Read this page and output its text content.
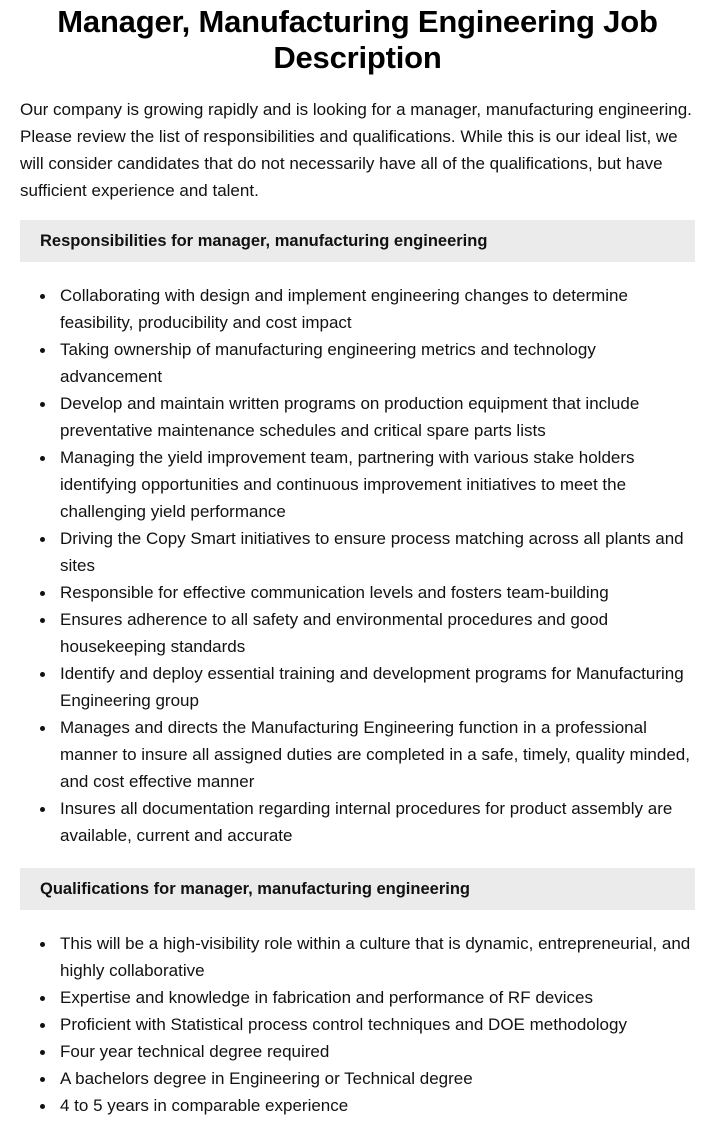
Manager, Manufacturing Engineering Job Description

Our company is growing rapidly and is looking for a manager, manufacturing engineering. Please review the list of responsibilities and qualifications. While this is our ideal list, we will consider candidates that do not necessarily have all of the qualifications, but have sufficient experience and talent.

Responsibilities for manager, manufacturing engineering
Collaborating with design and implement engineering changes to determine feasibility, producibility and cost impact
Taking ownership of manufacturing engineering metrics and technology advancement
Develop and maintain written programs on production equipment that include preventative maintenance schedules and critical spare parts lists
Managing the yield improvement team, partnering with various stake holders identifying opportunities and continuous improvement initiatives to meet the challenging yield performance
Driving the Copy Smart initiatives to ensure process matching across all plants and sites
Responsible for effective communication levels and fosters team-building
Ensures adherence to all safety and environmental procedures and good housekeeping standards
Identify and deploy essential training and development programs for Manufacturing Engineering group
Manages and directs the Manufacturing Engineering function in a professional manner to insure all assigned duties are completed in a safe, timely, quality minded, and cost effective manner
Insures all documentation regarding internal procedures for product assembly are available, current and accurate
Qualifications for manager, manufacturing engineering
This will be a high-visibility role within a culture that is dynamic, entrepreneurial, and highly collaborative
Expertise and knowledge in fabrication and performance of RF devices
Proficient with Statistical process control techniques and DOE methodology
Four year technical degree required
A bachelors degree in Engineering or Technical degree
4 to 5 years in comparable experience
